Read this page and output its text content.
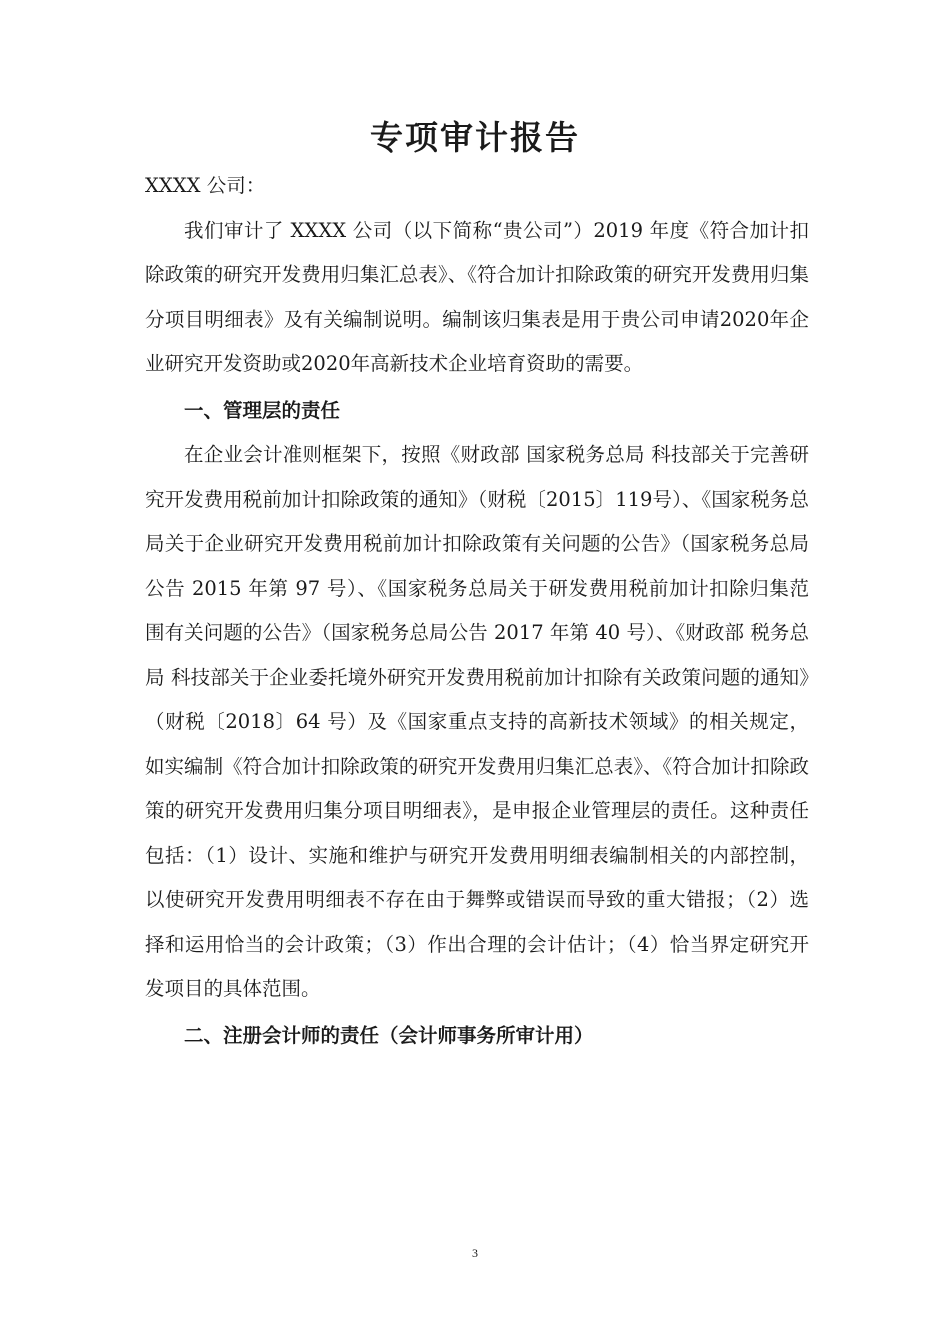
专项审计报告

XXXX 公司：

我们审计了 XXXX 公司（以下简称“贵公司”）2019 年度《符合加计扣除政策的研究开发费用归集汇总表》、《符合加计扣除政策的研究开发费用归集分项目明细表》及有关编制说明。编制该归集表是用于贵公司申请2020年企业研究开发资助或2020年高新技术企业培育资助的需要。

一、管理层的责任

在企业会计准则框架下，按照《财政部 国家税务总局 科技部关于完善研究开发费用税前加计扣除政策的通知》（财税〔2015〕119号）、《国家税务总局关于企业研究开发费用税前加计扣除政策有关问题的公告》（国家税务总局公告 2015 年第 97 号）、《国家税务总局关于研发费用税前加计扣除归集范围有关问题的公告》（国家税务总局公告 2017 年第 40 号）、《财政部 税务总局 科技部关于企业委托境外研究开发费用税前加计扣除有关政策问题的通知》（财税〔2018〕64 号）及《国家重点支持的高新技术领域》的相关规定，如实编制《符合加计扣除政策的研究开发费用归集汇总表》、《符合加计扣除政策的研究开发费用归集分项目明细表》，是申报企业管理层的责任。这种责任包括：（1）设计、实施和维护与研究开发费用明细表编制相关的内部控制，以使研究开发费用明细表不存在由于舞弊或错误而导致的重大错报；（2）选择和运用恰当的会计政策；（3）作出合理的会计估计；（4）恰当界定研究开发项目的具体范围。

二、注册会计师的责任（会计师事务所审计用）

3
